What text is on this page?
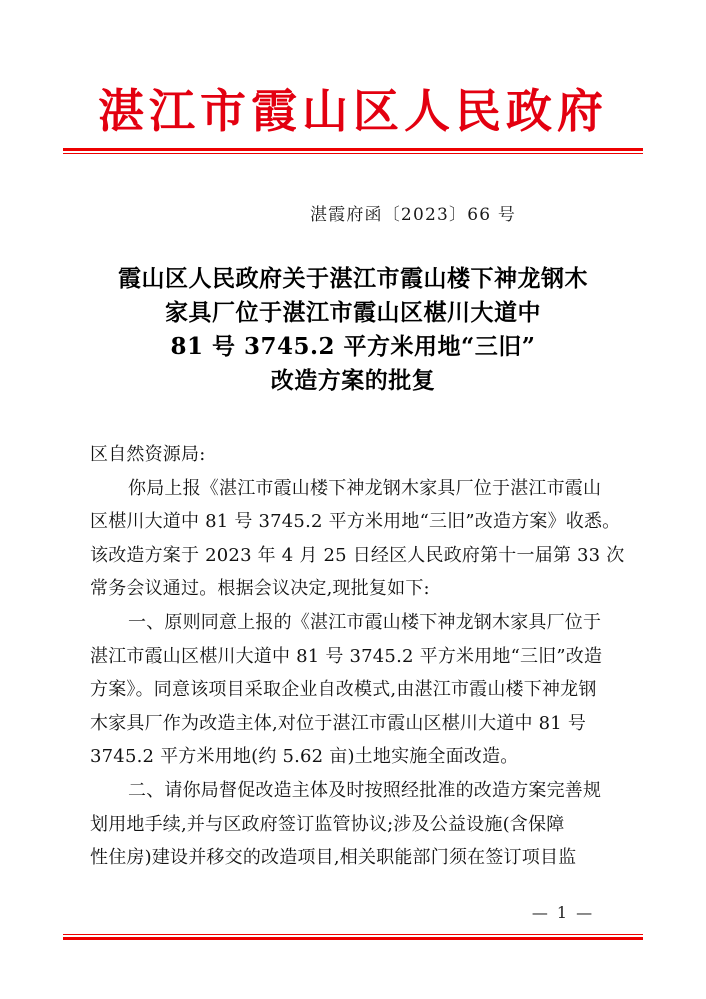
湛江市霞山区人民政府
湛霞府函〔2023〕66 号
霞山区人民政府关于湛江市霞山楼下神龙钢木
家具厂位于湛江市霞山区椹川大道中
81 号 3745.2 平方米用地“三旧”
改造方案的批复
区自然资源局:
你局上报《湛江市霞山楼下神龙钢木家具厂位于湛江市霞山
区椹川大道中 81 号 3745.2 平方米用地“三旧”改造方案》收悉。
该改造方案于 2023 年 4 月 25 日经区人民政府第十一届第 33 次
常务会议通过。根据会议决定,现批复如下:
一、原则同意上报的《湛江市霞山楼下神龙钢木家具厂位于
湛江市霞山区椹川大道中 81 号 3745.2 平方米用地“三旧”改造
方案》。同意该项目采取企业自改模式,由湛江市霞山楼下神龙钢
木家具厂作为改造主体,对位于湛江市霞山区椹川大道中 81 号
3745.2 平方米用地(约 5.62 亩)土地实施全面改造。
二、请你局督促改造主体及时按照经批准的改造方案完善规
划用地手续,并与区政府签订监管协议;涉及公益设施(含保障
性住房)建设并移交的改造项目,相关职能部门须在签订项目监
— 1 —
